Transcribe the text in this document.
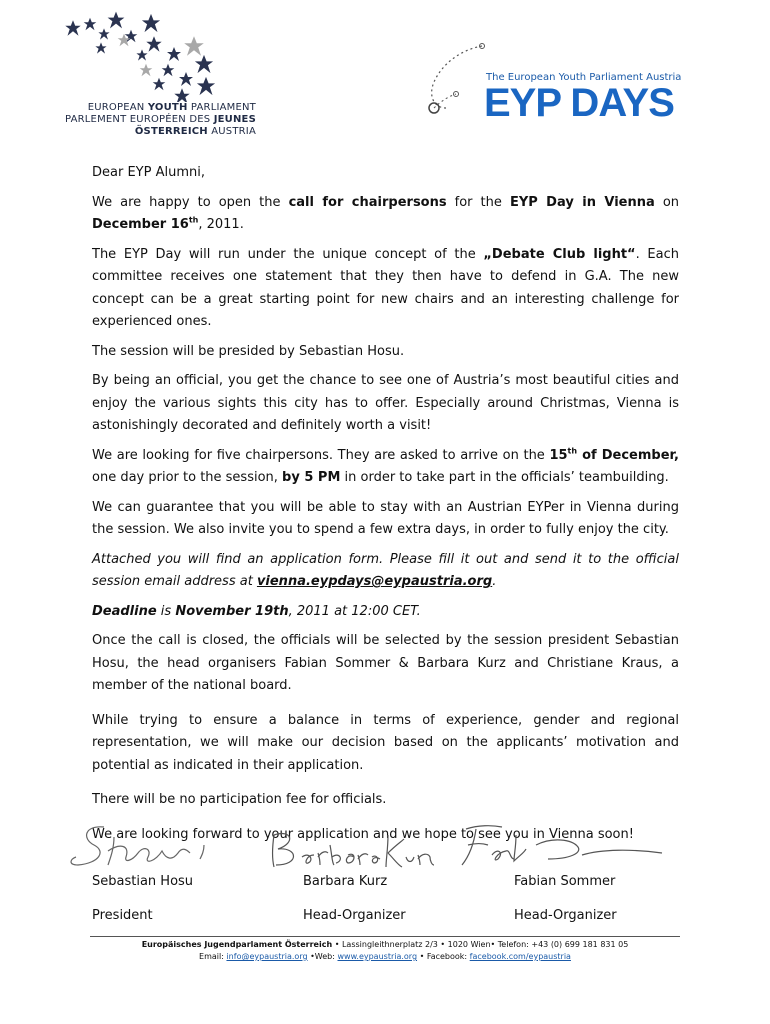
EUROPEAN YOUTH PARLIAMENT
PARLEMENT EUROPÉEN DES JEUNES
ÖSTERREICH AUSTRIA
The European Youth Parliament Austria
EYP DAYS

Dear EYP Alumni,

We are happy to open the call for chairpersons for the EYP Day in Vienna on December 16th, 2011.

The EYP Day will run under the unique concept of the „Debate Club light“. Each committee receives one statement that they then have to defend in G.A. The new concept can be a great starting point for new chairs and an interesting challenge for experienced ones.

The session will be presided by Sebastian Hosu.

By being an official, you get the chance to see one of Austria’s most beautiful cities and enjoy the various sights this city has to offer. Especially around Christmas, Vienna is astonishingly decorated and definitely worth a visit!

We are looking for five chairpersons. They are asked to arrive on the 15th of December, one day prior to the session, by 5 PM in order to take part in the officials’ teambuilding.

We can guarantee that you will be able to stay with an Austrian EYPer in Vienna during the session. We also invite you to spend a few extra days, in order to fully enjoy the city.

Attached you will find an application form. Please fill it out and send it to the official session email address at vienna.eypdays@eypaustria.org.

Deadline is November 19th, 2011 at 12:00 CET.

Once the call is closed, the officials will be selected by the session president Sebastian Hosu, the head organisers Fabian Sommer & Barbara Kurz and Christiane Kraus, a member of the national board.

While trying to ensure a balance in terms of experience, gender and regional representation, we will make our decision based on the applicants’ motivation and potential as indicated in their application.

There will be no participation fee for officials.

We are looking forward to your application and we hope to see you in Vienna soon!

Sebastian Hosu	Barbara Kurz	Fabian Sommer
President	Head-Organizer	Head-Organizer
Europäisches Jugendparlament Österreich • Lassingleithnerplatz 2/3 • 1020 Wien• Telefon: +43 (0) 699 181 831 05
Email: info@eypaustria.org •Web: www.eypaustria.org • Facebook: facebook.com/eypaustria
